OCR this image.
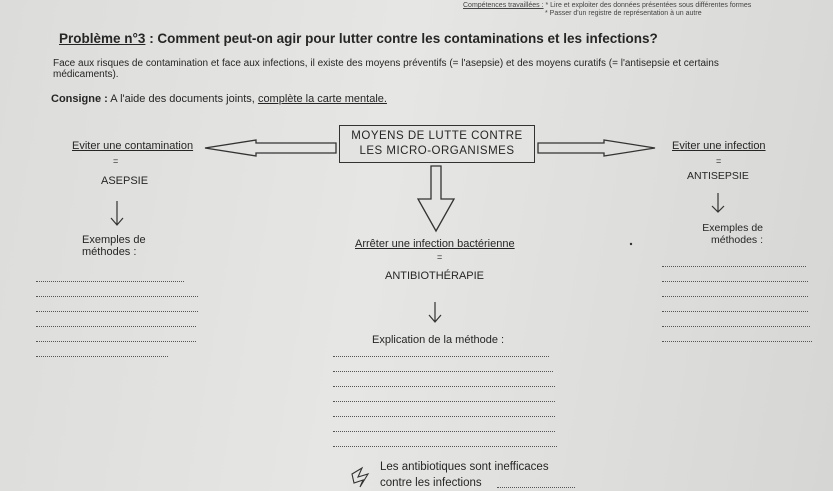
Compétences travaillées : * Lire et exploiter des données présentées sous différentes formes
* Passer d'un registre de représentation à un autre
Problème n°3 : Comment peut-on agir pour lutter contre les contaminations et les infections?
Face aux risques de contamination et face aux infections, il existe des moyens préventifs (= l'asepsie) et des moyens curatifs (= l'antisepsie et certains médicaments).
Consigne : A l'aide des documents joints, complète la carte mentale.
MOYENS DE LUTTE CONTRE
LES MICRO-ORGANISMES
Eviter une contamination
=
ASEPSIE
Exemples de méthodes :
Eviter une infection
=
ANTISEPSIE
Exemples de méthodes :
Arrêter une infection bactérienne
=
ANTIBIOTHÉRAPIE
Explication de la méthode :
Les antibiotiques sont inefficaces
contre les infections
